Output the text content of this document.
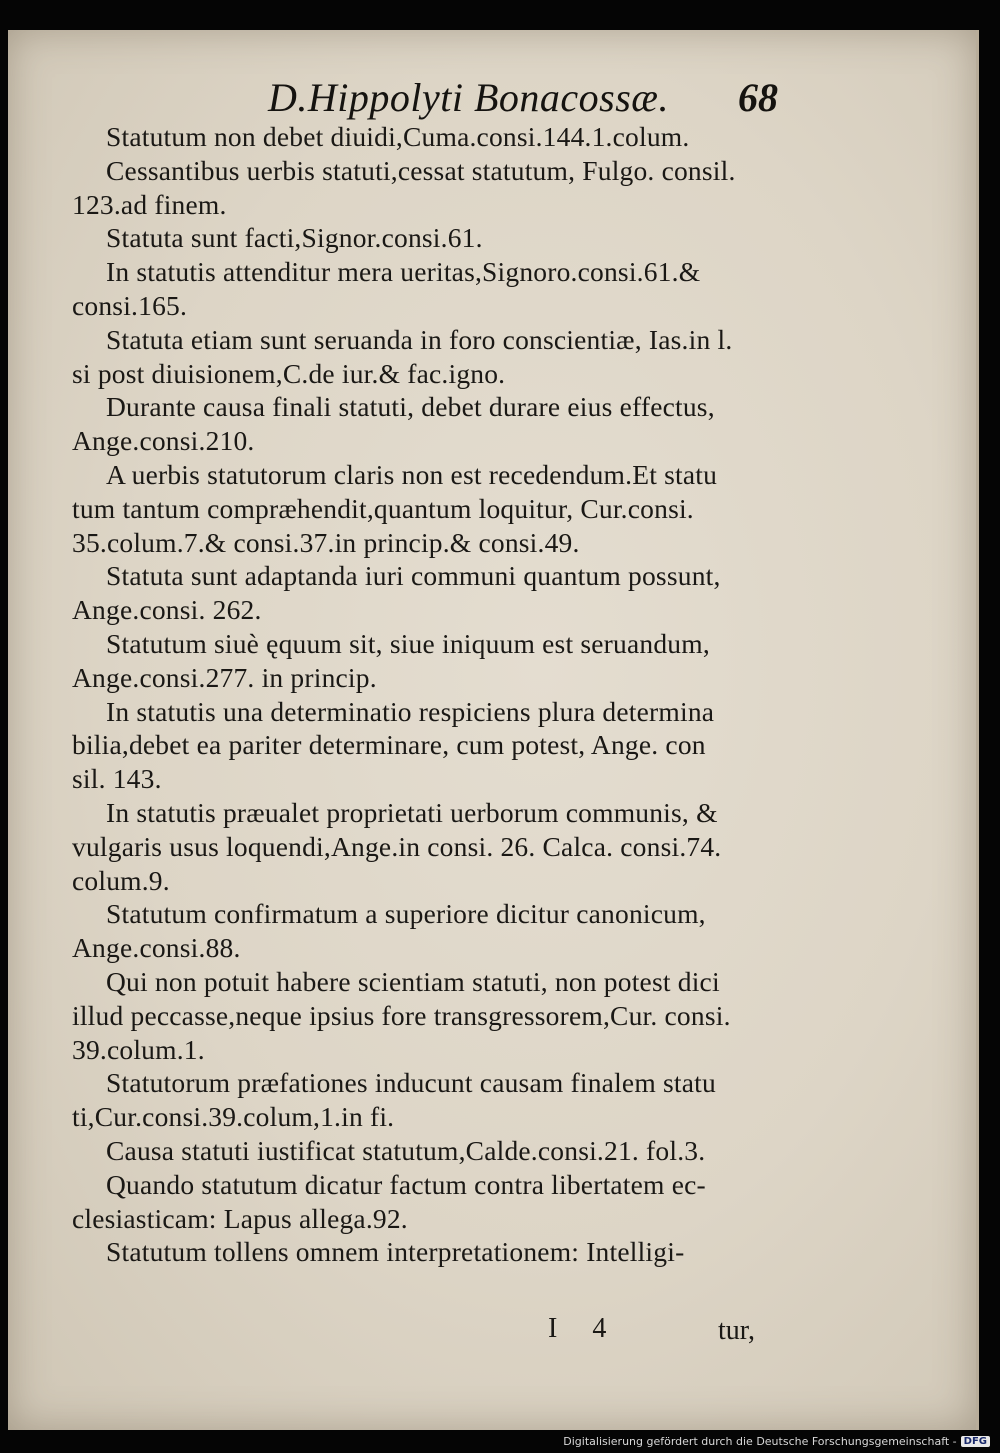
D.Hippolyti Bonacossæ. 68
Statutum non debet diuidi,Cuma.consi.144.1.colum.
Cessantibus uerbis statuti,cessat statutum, Fulgo. consil.
123.ad finem.
Statuta sunt facti,Signor.consi.61.
In statutis attenditur mera ueritas,Signoro.consi.61.&
consi.165.
Statuta etiam sunt seruanda in foro conscientiæ, Ias.in l.
si post diuisionem,C.de iur.& fac.igno.
Durante causa finali statuti, debet durare eius effectus,
Ange.consi.210.
A uerbis statutorum claris non est recedendum.Et statu
tum tantum compræhendit,quantum loquitur, Cur.consi.
35.colum.7.& consi.37.in princip.& consi.49.
Statuta sunt adaptanda iuri communi quantum possunt,
Ange.consi. 262.
Statutum siuè ęquum sit, siue iniquum est seruandum,
Ange.consi.277. in princip.
In statutis una determinatio respiciens plura determina
bilia,debet ea pariter determinare, cum potest, Ange. con
sil. 143.
In statutis præualet proprietati uerborum communis, &
vulgaris usus loquendi,Ange.in consi. 26. Calca. consi.74.
colum.9.
Statutum confirmatum a superiore dicitur canonicum,
Ange.consi.88.
Qui non potuit habere scientiam statuti, non potest dici
illud peccasse,neque ipsius fore transgressorem,Cur. consi.
39.colum.1.
Statutorum præfationes inducunt causam finalem statu
ti,Cur.consi.39.colum,1.in fi.
Causa statuti iustificat statutum,Calde.consi.21. fol.3.
Quando statutum dicatur factum contra libertatem ec-
clesiasticam: Lapus allega.92.
Statutum tollens omnem interpretationem: Intelligi-
I 4	tur,
Digitalisierung gefördert durch die Deutsche Forschungsgemeinschaft - DFG
